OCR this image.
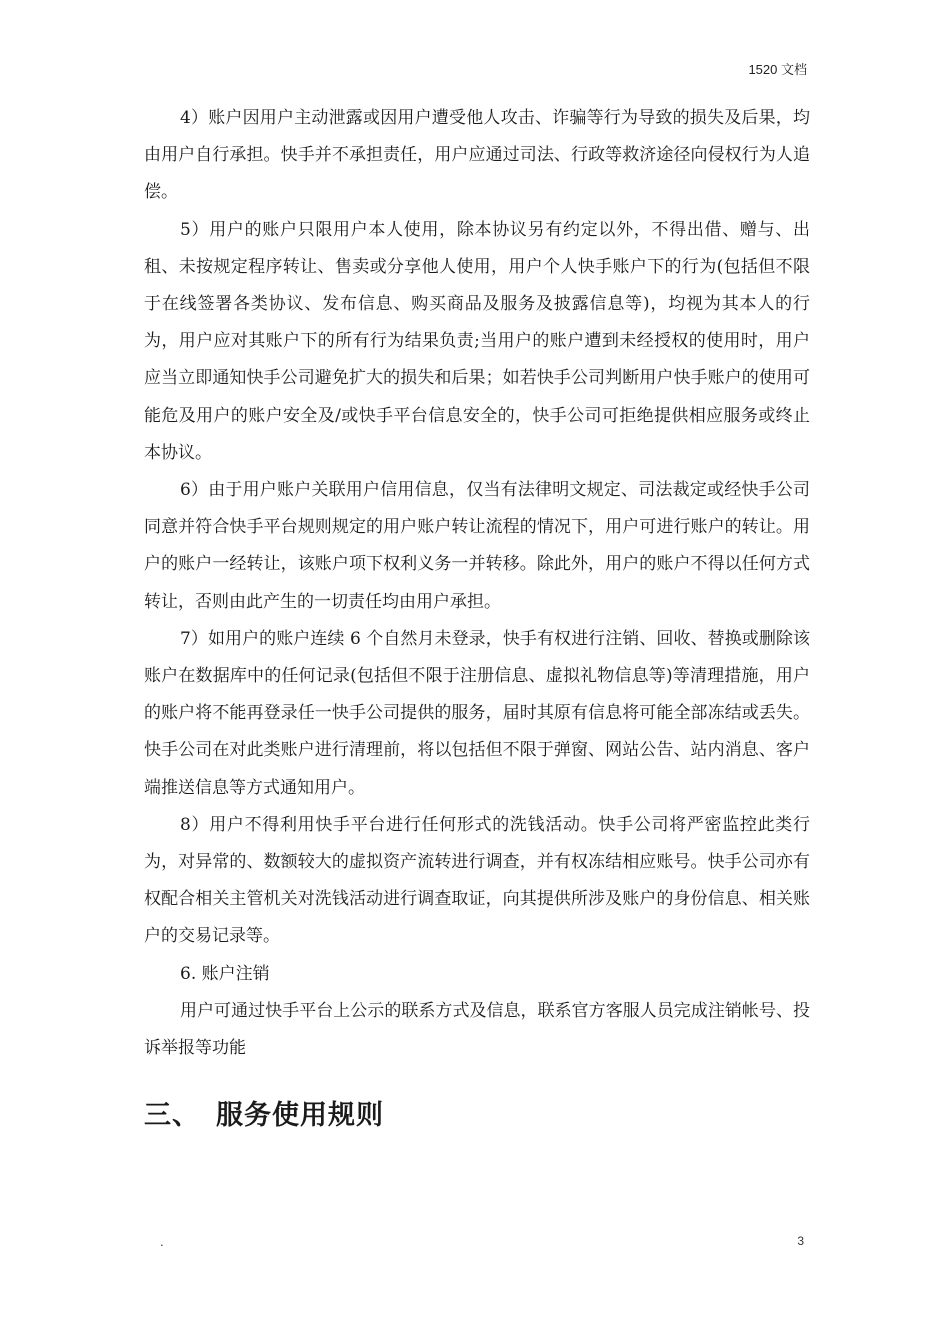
1520 文档

4）账户因用户主动泄露或因用户遭受他人攻击、诈骗等行为导致的损失及后果，均由用户自行承担。快手并不承担责任，用户应通过司法、行政等救济途径向侵权行为人追偿。

5）用户的账户只限用户本人使用，除本协议另有约定以外，不得出借、赠与、出租、未按规定程序转让、售卖或分享他人使用，用户个人快手账户下的行为(包括但不限于在线签署各类协议、发布信息、购买商品及服务及披露信息等)，均视为其本人的行为，用户应对其账户下的所有行为结果负责;当用户的账户遭到未经授权的使用时，用户应当立即通知快手公司避免扩大的损失和后果；如若快手公司判断用户快手账户的使用可能危及用户的账户安全及/或快手平台信息安全的，快手公司可拒绝提供相应服务或终止本协议。

6）由于用户账户关联用户信用信息，仅当有法律明文规定、司法裁定或经快手公司同意并符合快手平台规则规定的用户账户转让流程的情况下，用户可进行账户的转让。用户的账户一经转让，该账户项下权利义务一并转移。除此外，用户的账户不得以任何方式转让，否则由此产生的一切责任均由用户承担。

7）如用户的账户连续 6 个自然月未登录，快手有权进行注销、回收、替换或删除该账户在数据库中的任何记录(包括但不限于注册信息、虚拟礼物信息等)等清理措施，用户的账户将不能再登录任一快手公司提供的服务，届时其原有信息将可能全部冻结或丢失。快手公司在对此类账户进行清理前，将以包括但不限于弹窗、网站公告、站内消息、客户端推送信息等方式通知用户。

8）用户不得利用快手平台进行任何形式的洗钱活动。快手公司将严密监控此类行为，对异常的、数额较大的虚拟资产流转进行调查，并有权冻结相应账号。快手公司亦有权配合相关主管机关对洗钱活动进行调查取证，向其提供所涉及账户的身份信息、相关账户的交易记录等。

6. 账户注销

用户可通过快手平台上公示的联系方式及信息，联系官方客服人员完成注销帐号、投诉举报等功能

三、 服务使用规则
.	3
